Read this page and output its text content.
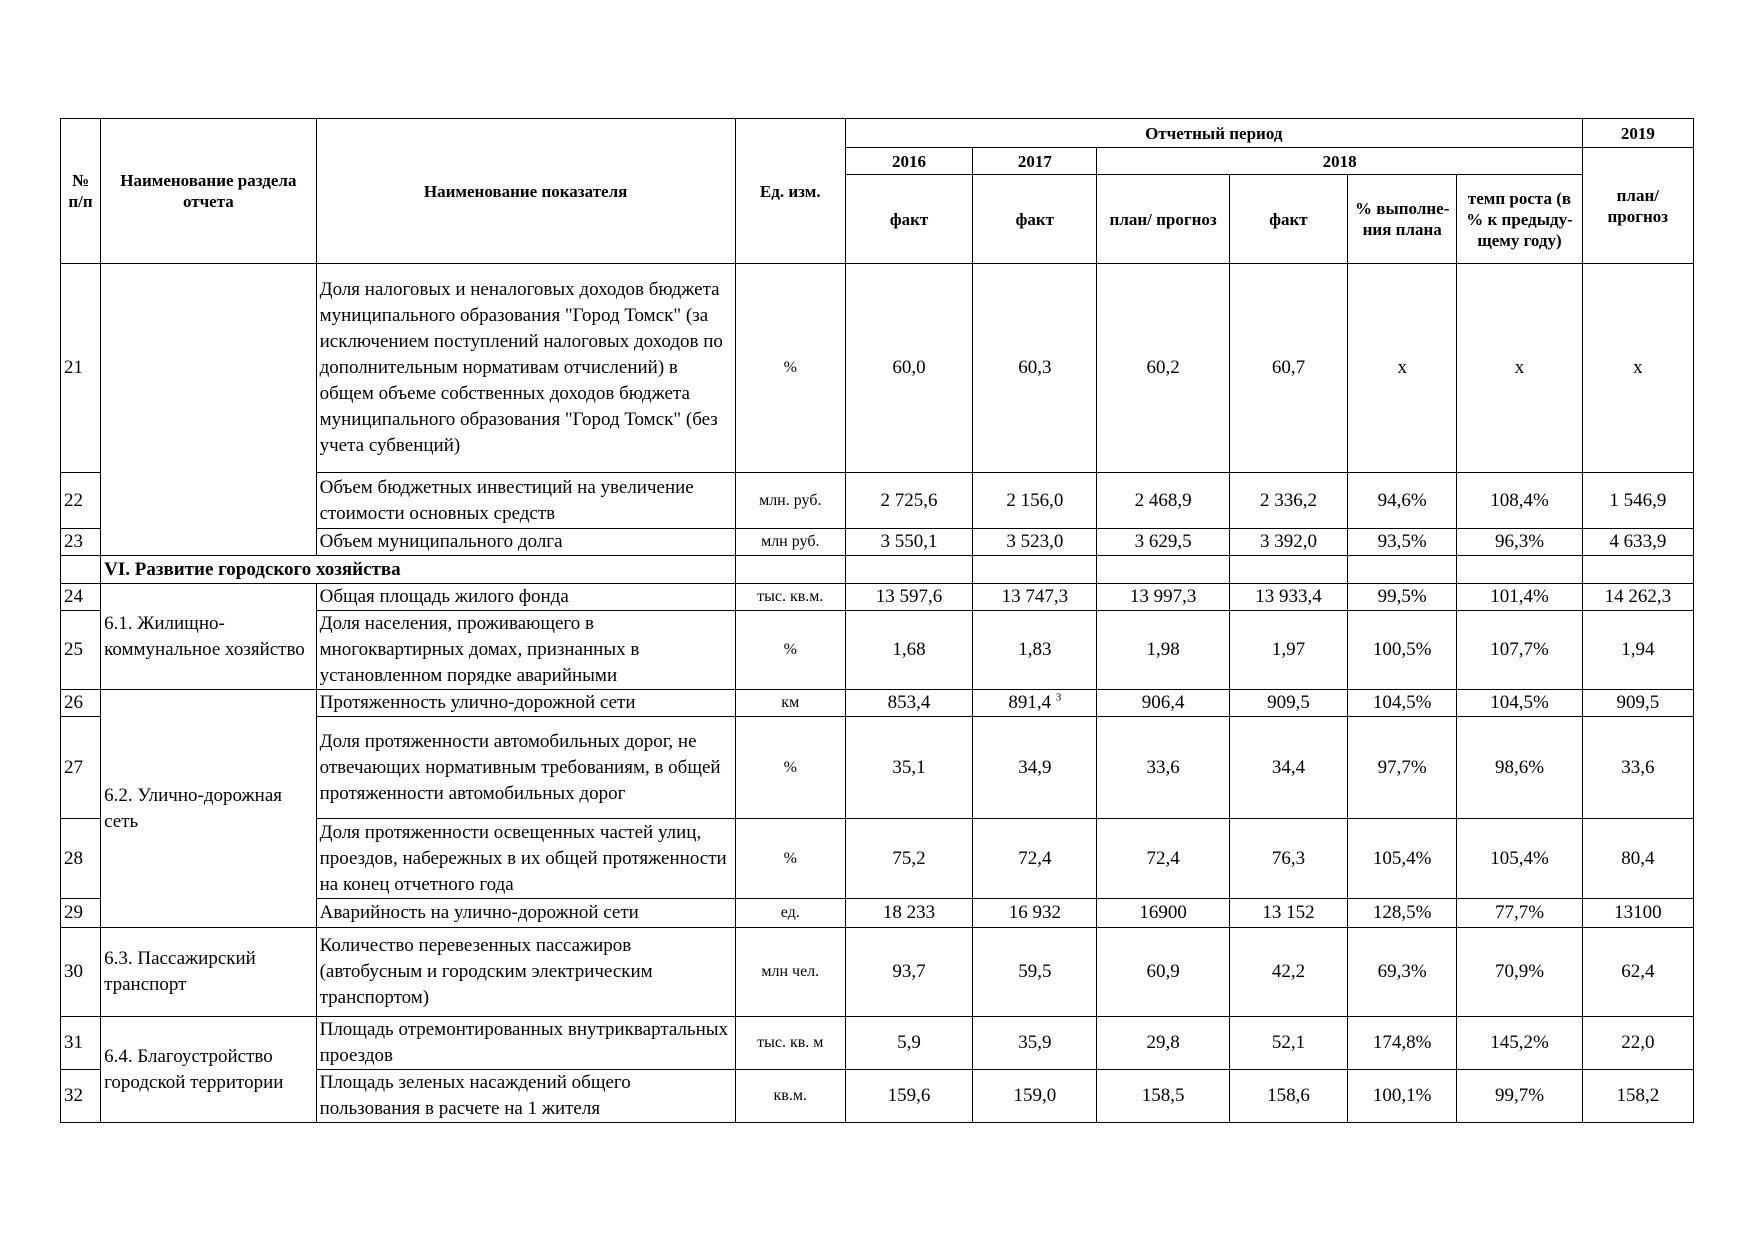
№ п/п	Наименование раздела отчета	Наименование показателя	Ед. изм.	Отчетный период						2019
				2016	2017	2018				план/ прогноз
				факт	факт	план/ прогноз	факт	% выполне-ния плана	темп роста (в % к предыду-щему году)	
21		Доля налоговых и неналоговых доходов бюджета муниципального образования "Город Томск" (за исключением поступлений налоговых доходов по дополнительным нормативам отчислений) в общем объеме собственных доходов бюджета муниципального образования "Город Томск" (без учета субвенций)	%	60,0	60,3	60,2	60,7	х	х	х
22		Объем бюджетных инвестиций на увеличение стоимости основных средств	млн. руб.	2 725,6	2 156,0	2 468,9	2 336,2	94,6%	108,4%	1 546,9
23		Объем муниципального долга	млн руб.	3 550,1	3 523,0	3 629,5	3 392,0	93,5%	96,3%	4 633,9
	VI. Развитие городского хозяйства									
24	6.1. Жилищно-коммунальное хозяйство	Общая площадь жилого фонда	тыс. кв.м.	13 597,6	13 747,3	13 997,3	13 933,4	99,5%	101,4%	14 262,3
25		Доля населения, проживающего в многоквартирных домах, признанных в установленном порядке аварийными	%	1,68	1,83	1,98	1,97	100,5%	107,7%	1,94
26	6.2. Улично-дорожная сеть	Протяженность улично-дорожной сети	км	853,4	891,4 $^3$	906,4	909,5	104,5%	104,5%	909,5
27		Доля протяженности автомобильных дорог, не отвечающих нормативным требованиям, в общей протяженности автомобильных дорог	%	35,1	34,9	33,6	34,4	97,7%	98,6%	33,6
28		Доля протяженности освещенных частей улиц, проездов, набережных в их общей протяженности на конец отчетного года	%	75,2	72,4	72,4	76,3	105,4%	105,4%	80,4
29		Аварийность на улично-дорожной сети	ед.	18 233	16 932	16900	13 152	128,5%	77,7%	13100
30	6.3. Пассажирский транспорт	Количество перевезенных пассажиров (автобусным и городским электрическим транспортом)	млн чел.	93,7	59,5	60,9	42,2	69,3%	70,9%	62,4
31	6.4. Благоустройство городской территории	Площадь отремонтированных внутриквартальных проездов	тыс. кв. м	5,9	35,9	29,8	52,1	174,8%	145,2%	22,0
32		Площадь зеленых насаждений общего пользования в расчете на 1 жителя	кв.м.	159,6	159,0	158,5	158,6	100,1%	99,7%	158,2
